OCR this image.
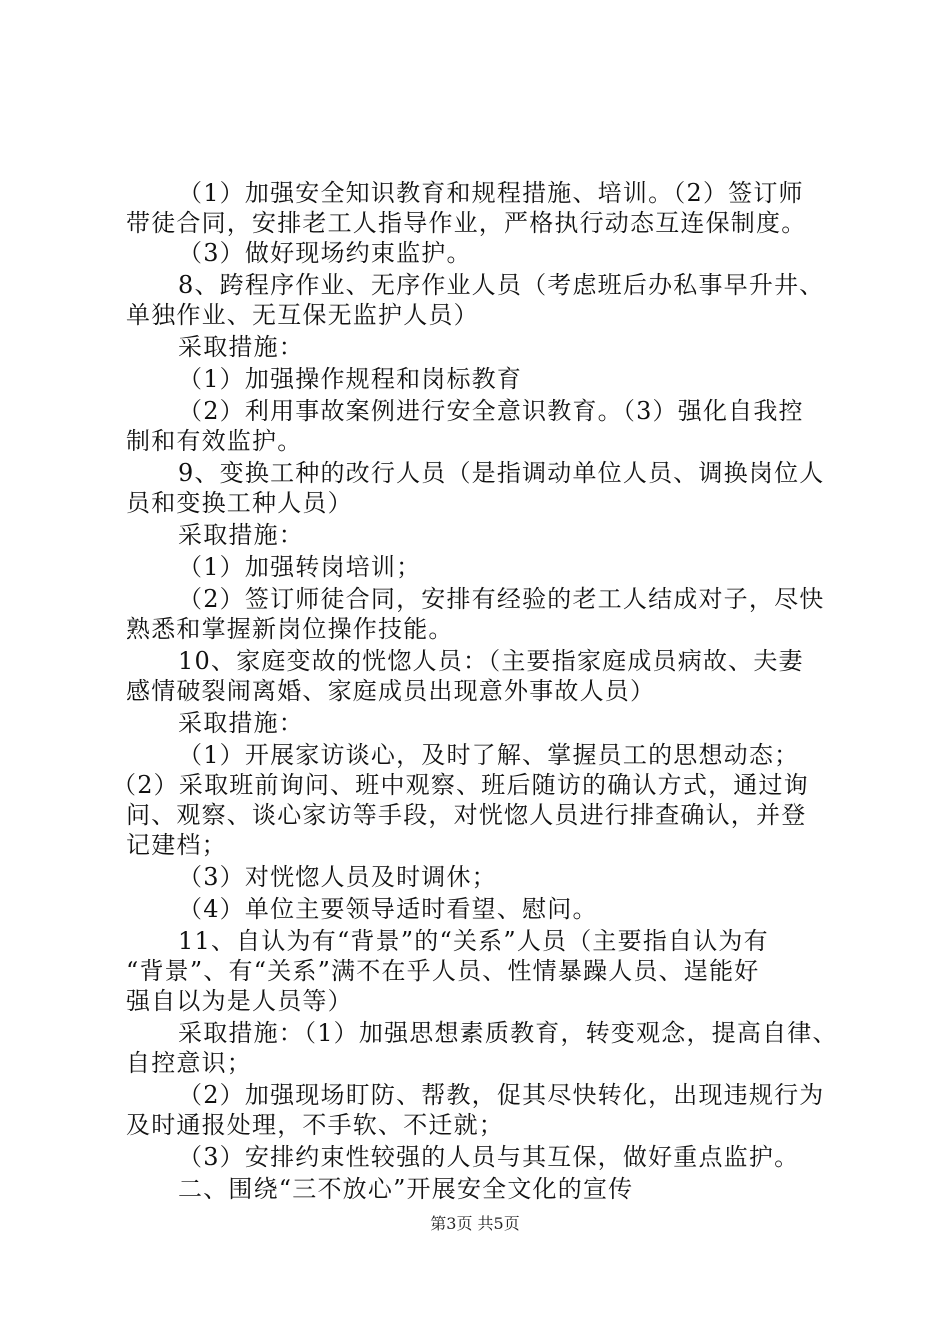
（1）加强安全知识教育和规程措施、培训。（2）签订师
带徒合同，安排老工人指导作业，严格执行动态互连保制度。
（3）做好现场约束监护。
8、跨程序作业、无序作业人员（考虑班后办私事早升井、
单独作业、无互保无监护人员）
采取措施：
（1）加强操作规程和岗标教育
（2）利用事故案例进行安全意识教育。（3）强化自我控
制和有效监护。
9、变换工种的改行人员（是指调动单位人员、调换岗位人
员和变换工种人员）
采取措施：
（1）加强转岗培训；
（2）签订师徒合同，安排有经验的老工人结成对子，尽快
熟悉和掌握新岗位操作技能。
10、家庭变故的恍惚人员：（主要指家庭成员病故、夫妻
感情破裂闹离婚、家庭成员出现意外事故人员）
采取措施：
（1）开展家访谈心，及时了解、掌握员工的思想动态；
（2）采取班前询问、班中观察、班后随访的确认方式，通过询
问、观察、谈心家访等手段，对恍惚人员进行排查确认，并登
记建档；
（3）对恍惚人员及时调休；
（4）单位主要领导适时看望、慰问。
11、自认为有“背景”的“关系”人员（主要指自认为有
“背景”、有“关系”满不在乎人员、性情暴躁人员、逞能好
强自以为是人员等）
采取措施：（1）加强思想素质教育，转变观念，提高自律、
自控意识；
（2）加强现场盯防、帮教，促其尽快转化，出现违规行为
及时通报处理，不手软、不迁就；
（3）安排约束性较强的人员与其互保，做好重点监护。
二、围绕“三不放心”开展安全文化的宣传
第3页 共5页
